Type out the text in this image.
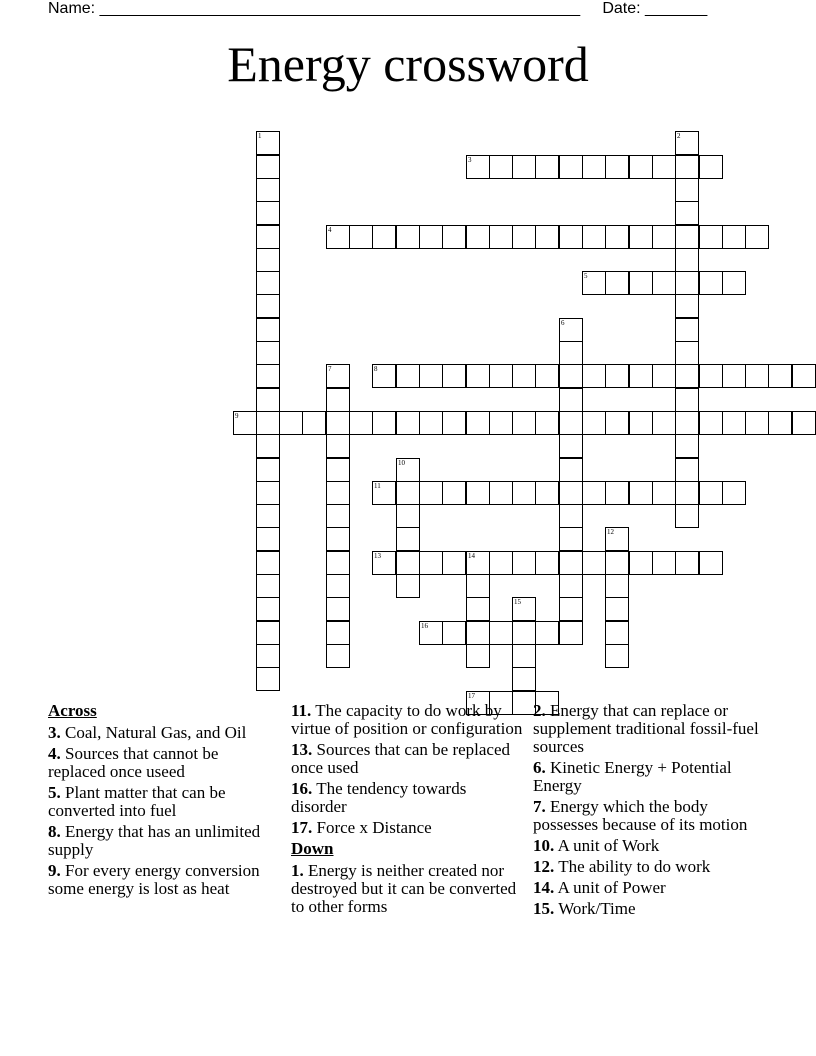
Name: ______________________________________________________     Date: _______
Energy crossword
1	2
3
4
5
6
7	8
9
10
11
12
13	14
15
16
17
Across
3. Coal, Natural Gas, and Oil
4. Sources that cannot be replaced once useed
5. Plant matter that can be converted into fuel
8. Energy that has an unlimited supply
9. For every energy conversion some energy is lost as heat
11. The capacity to do work by virtue of position or configuration
13. Sources that can be replaced once used
16. The tendency towards disorder
17. Force x Distance
Down
1. Energy is neither created nor destroyed but it can be converted to other forms
2. Energy that can replace or supplement traditional fossil-fuel sources
6. Kinetic Energy + Potential Energy
7. Energy which the body possesses because of its motion
10. A unit of Work
12. The ability to do work
14. A unit of Power
15. Work/Time
